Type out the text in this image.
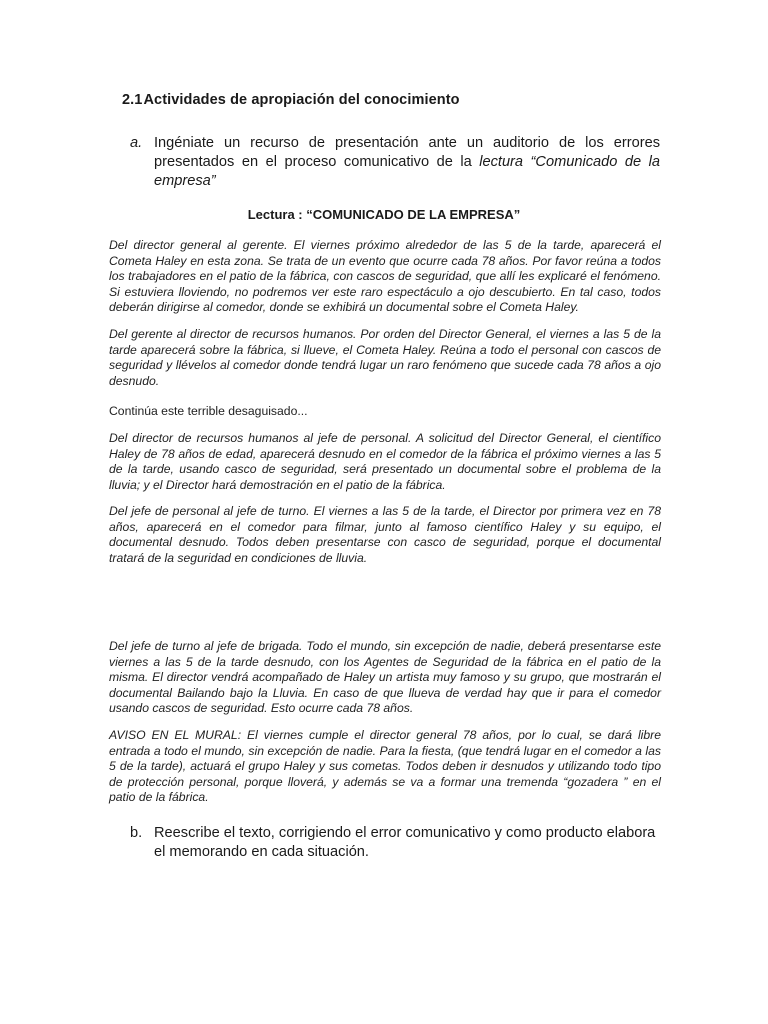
2.1Actividades de apropiación del conocimiento
a. Ingéniate un recurso de presentación ante un auditorio de los errores presentados en el proceso comunicativo de la lectura “Comunicado de la empresa”
Lectura : “COMUNICADO DE LA EMPRESA”

Del director general al gerente. El viernes próximo alrededor de las 5 de la tarde, aparecerá el Cometa Haley en esta zona. Se trata de un evento que ocurre cada 78 años. Por favor reúna a todos los trabajadores en el patio de la fábrica, con cascos de seguridad, que allí les explicaré el fenómeno. Si estuviera lloviendo, no podremos ver este raro espectáculo a ojo descubierto. En tal caso, todos deberán dirigirse al comedor, donde se exhibirá un documental sobre el Cometa Haley.

Del gerente al director de recursos humanos. Por orden del Director General, el viernes a las 5 de la tarde aparecerá sobre la fábrica, si llueve, el Cometa Haley. Reúna a todo el personal con cascos de seguridad y llévelos al comedor donde tendrá lugar un raro fenómeno que sucede cada 78 años a ojo desnudo.

Continúa este terrible desaguisado...

Del director de recursos humanos al jefe de personal. A solicitud del Director General, el científico Haley de 78 años de edad, aparecerá desnudo en el comedor de la fábrica el próximo viernes a las 5 de la tarde, usando casco de seguridad, será presentado un documental sobre el problema de la lluvia; y el Director hará demostración en el patio de la fábrica.

Del jefe de personal al jefe de turno. El viernes a las 5 de la tarde, el Director por primera vez en 78 años, aparecerá en el comedor para filmar, junto al famoso científico Haley y su equipo, el documental desnudo. Todos deben presentarse con casco de seguridad, porque el documental tratará de la seguridad en condiciones de lluvia.

Del jefe de turno al jefe de brigada. Todo el mundo, sin excepción de nadie, deberá presentarse este viernes a las 5 de la tarde desnudo, con los Agentes de Seguridad de la fábrica en el patio de la misma. El director vendrá acompañado de Haley un artista muy famoso y su grupo, que mostrarán el documental Bailando bajo la Lluvia. En caso de que llueva de verdad hay que ir para el comedor usando cascos de seguridad. Esto ocurre cada 78 años.

AVISO EN EL MURAL: El viernes cumple el director general 78 años, por lo cual, se dará libre entrada a todo el mundo, sin excepción de nadie. Para la fiesta, (que tendrá lugar en el comedor a las 5 de la tarde), actuará el grupo Haley y sus cometas. Todos deben ir desnudos y utilizando todo tipo de protección personal, porque lloverá, y además se va a formar una tremenda “gozadera ” en el patio de la fábrica.

b. Reescribe el texto, corrigiendo el error comunicativo y como producto elabora el memorando en cada situación.
